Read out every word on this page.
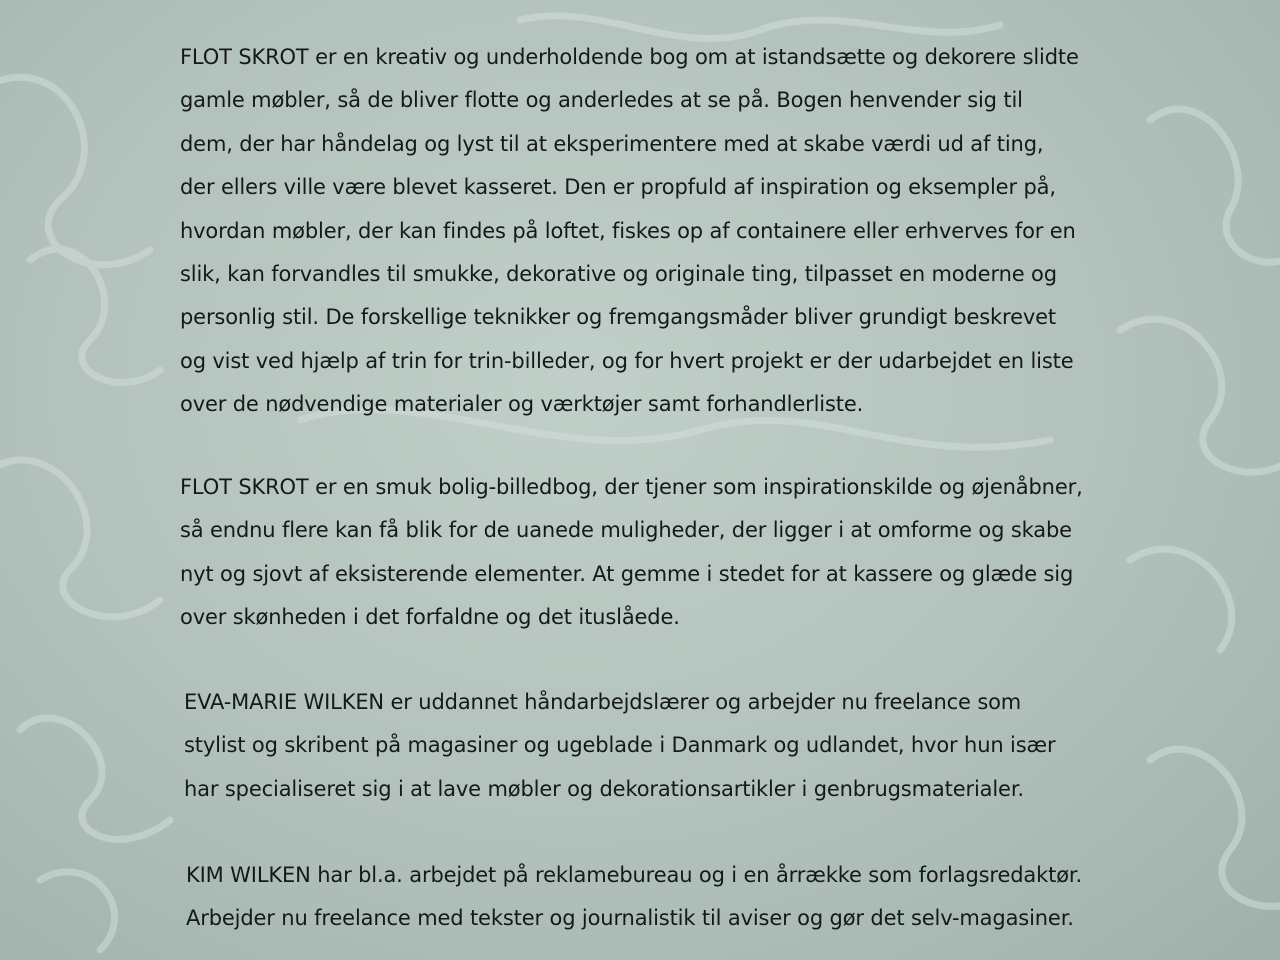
FLOT SKROT er en kreativ og underholdende bog om at istandsætte og dekorere slidte
gamle møbler, så de bliver flotte og anderledes at se på. Bogen henvender sig til
dem, der har håndelag og lyst til at eksperimentere med at skabe værdi ud af ting,
der ellers ville være blevet kasseret. Den er propfuld af inspiration og eksempler på,
hvordan møbler, der kan findes på loftet, fiskes op af containere eller erhverves for en
slik, kan forvandles til smukke, dekorative og originale ting, tilpasset en moderne og
personlig stil. De forskellige teknikker og fremgangsmåder bliver grundigt beskrevet
og vist ved hjælp af trin for trin-billeder, og for hvert projekt er der udarbejdet en liste
over de nødvendige materialer og værktøjer samt forhandlerliste.

FLOT SKROT er en smuk bolig-billedbog, der tjener som inspirationskilde og øjenåbner,
så endnu flere kan få blik for de uanede muligheder, der ligger i at omforme og skabe
nyt og sjovt af eksisterende elementer. At gemme i stedet for at kassere og glæde sig
over skønheden i det forfaldne og det ituslåede.

EVA-MARIE WILKEN er uddannet håndarbejdslærer og arbejder nu freelance som
stylist og skribent på magasiner og ugeblade i Danmark og udlandet, hvor hun især
har specialiseret sig i at lave møbler og dekorationsartikler i genbrugsmaterialer.

KIM WILKEN har bl.a. arbejdet på reklamebureau og i en årrække som forlagsredaktør.
Arbejder nu freelance med tekster og journalistik til aviser og gør det selv-magasiner.
